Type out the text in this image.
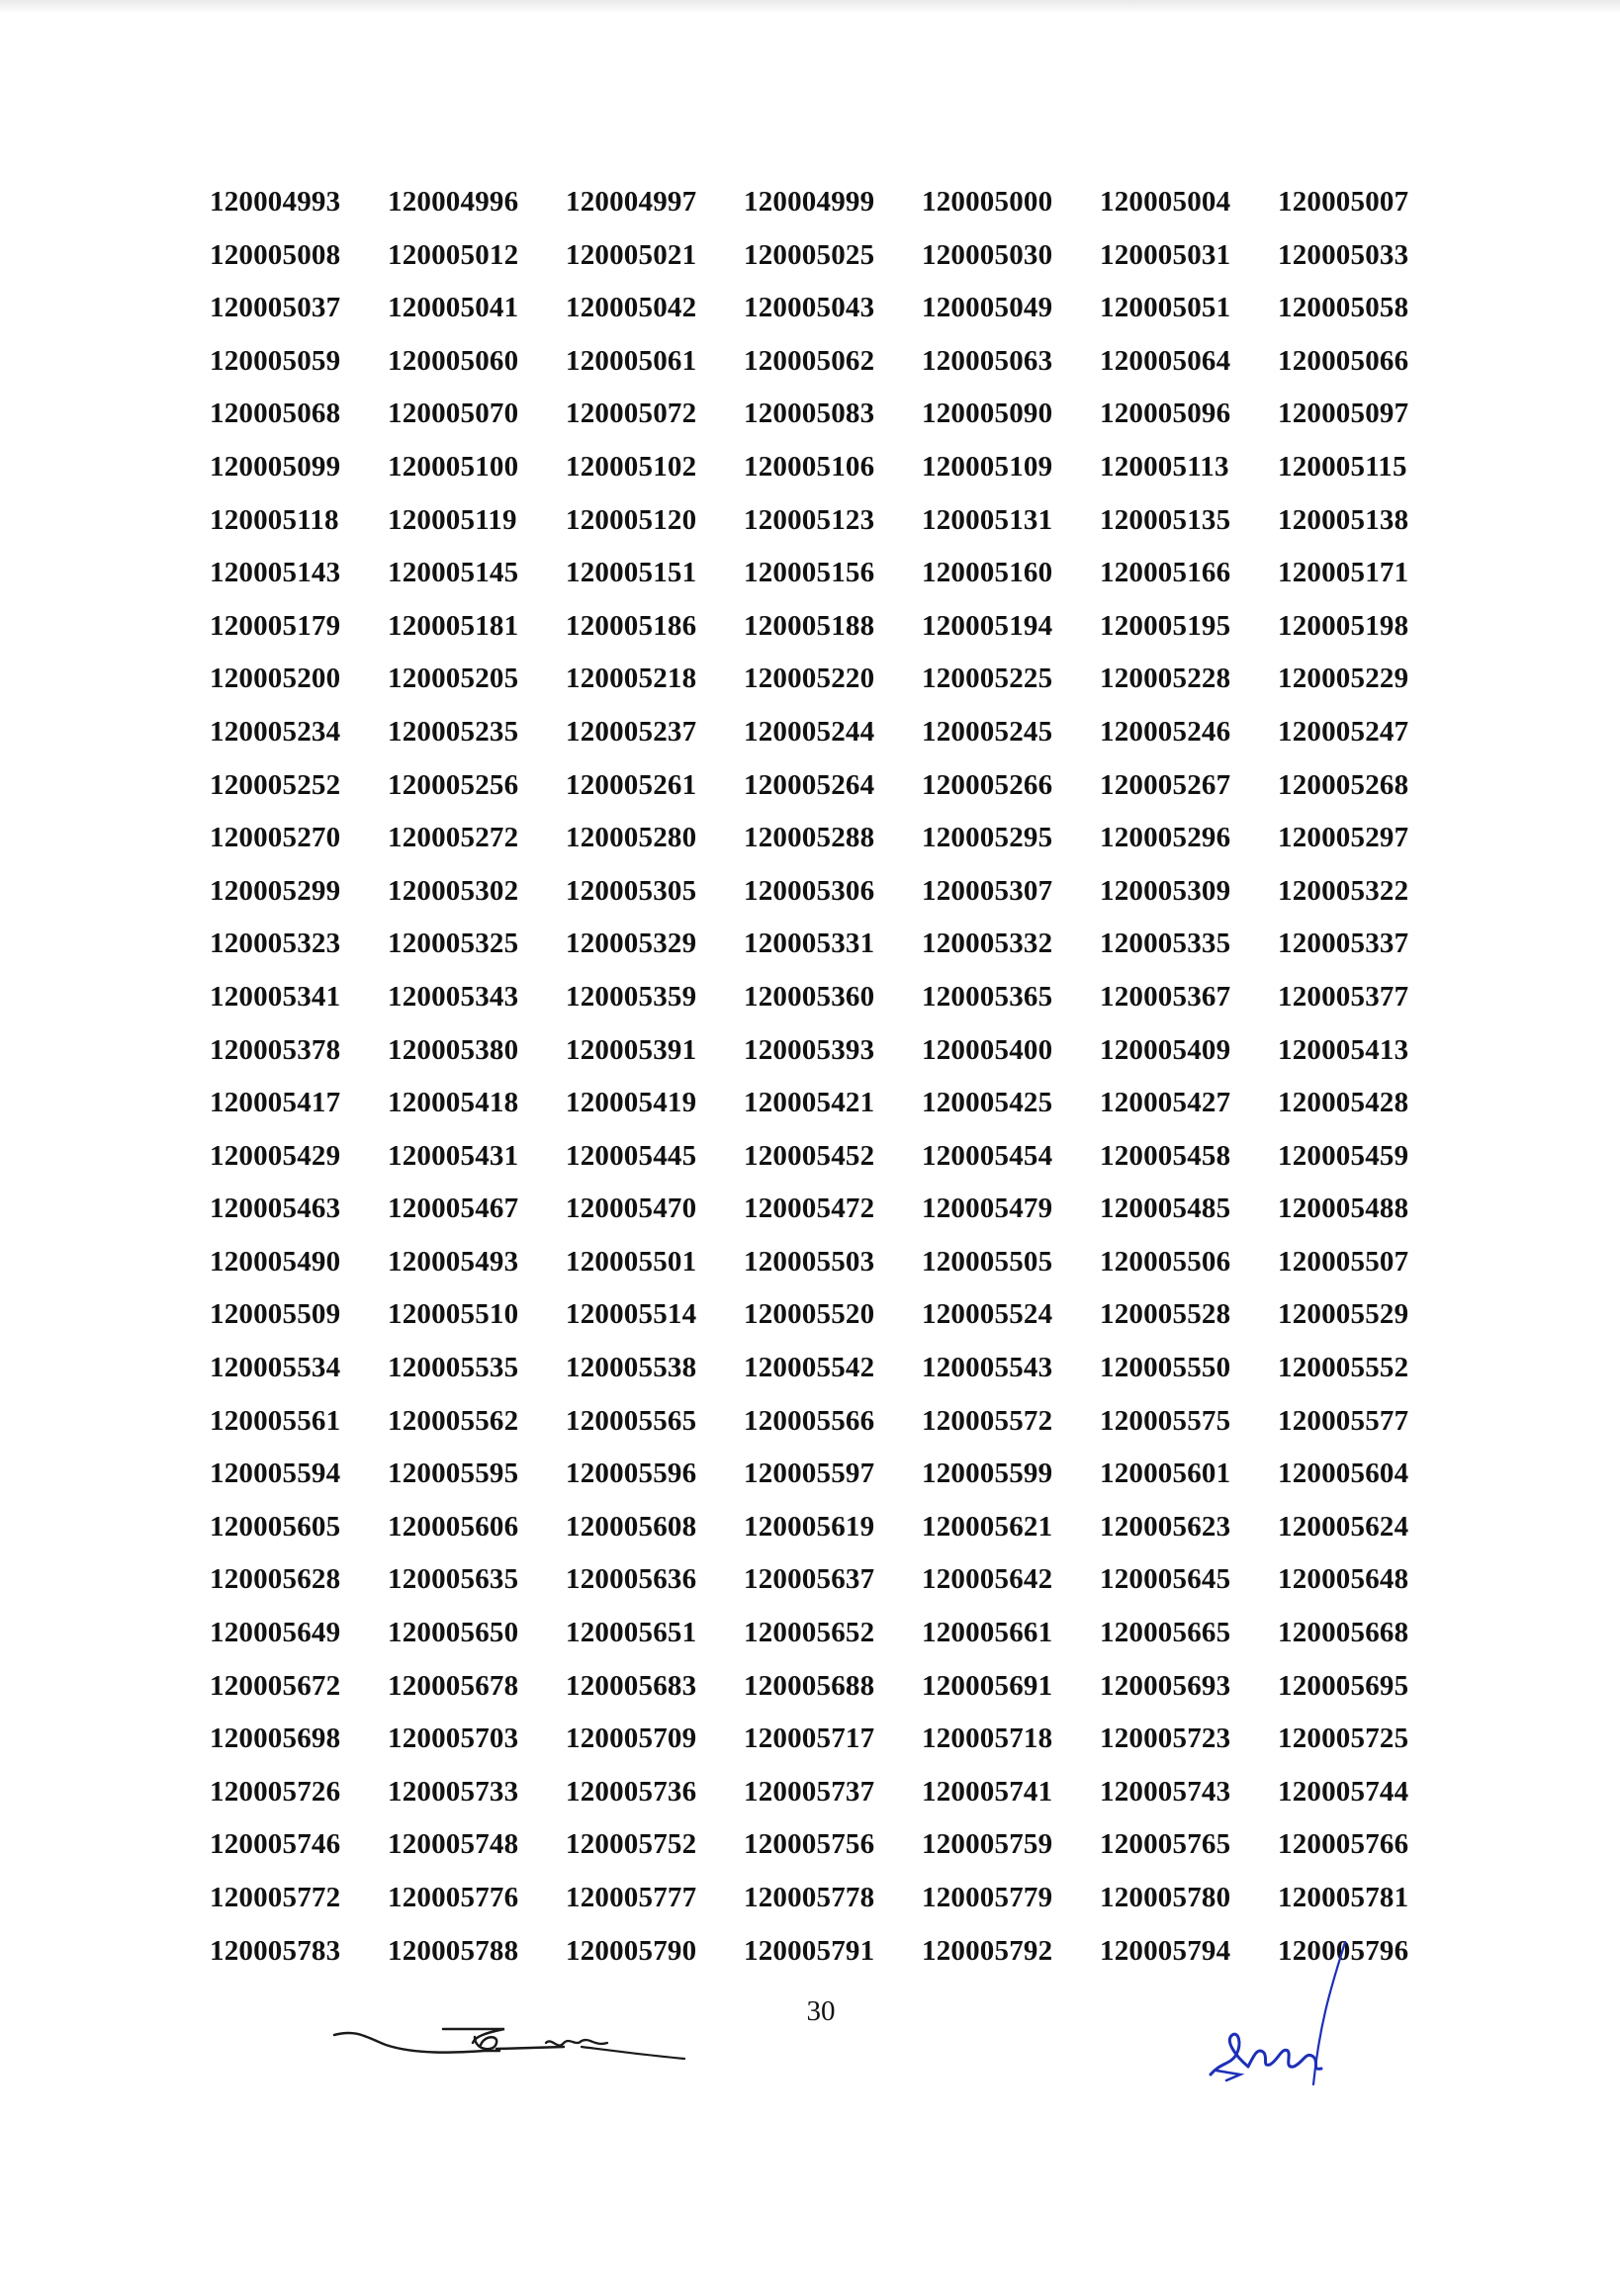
120004993	120004996	120004997	120004999	120005000	120005004	120005007
120005008	120005012	120005021	120005025	120005030	120005031	120005033
120005037	120005041	120005042	120005043	120005049	120005051	120005058
120005059	120005060	120005061	120005062	120005063	120005064	120005066
120005068	120005070	120005072	120005083	120005090	120005096	120005097
120005099	120005100	120005102	120005106	120005109	120005113	120005115
120005118	120005119	120005120	120005123	120005131	120005135	120005138
120005143	120005145	120005151	120005156	120005160	120005166	120005171
120005179	120005181	120005186	120005188	120005194	120005195	120005198
120005200	120005205	120005218	120005220	120005225	120005228	120005229
120005234	120005235	120005237	120005244	120005245	120005246	120005247
120005252	120005256	120005261	120005264	120005266	120005267	120005268
120005270	120005272	120005280	120005288	120005295	120005296	120005297
120005299	120005302	120005305	120005306	120005307	120005309	120005322
120005323	120005325	120005329	120005331	120005332	120005335	120005337
120005341	120005343	120005359	120005360	120005365	120005367	120005377
120005378	120005380	120005391	120005393	120005400	120005409	120005413
120005417	120005418	120005419	120005421	120005425	120005427	120005428
120005429	120005431	120005445	120005452	120005454	120005458	120005459
120005463	120005467	120005470	120005472	120005479	120005485	120005488
120005490	120005493	120005501	120005503	120005505	120005506	120005507
120005509	120005510	120005514	120005520	120005524	120005528	120005529
120005534	120005535	120005538	120005542	120005543	120005550	120005552
120005561	120005562	120005565	120005566	120005572	120005575	120005577
120005594	120005595	120005596	120005597	120005599	120005601	120005604
120005605	120005606	120005608	120005619	120005621	120005623	120005624
120005628	120005635	120005636	120005637	120005642	120005645	120005648
120005649	120005650	120005651	120005652	120005661	120005665	120005668
120005672	120005678	120005683	120005688	120005691	120005693	120005695
120005698	120005703	120005709	120005717	120005718	120005723	120005725
120005726	120005733	120005736	120005737	120005741	120005743	120005744
120005746	120005748	120005752	120005756	120005759	120005765	120005766
120005772	120005776	120005777	120005778	120005779	120005780	120005781
120005783	120005788	120005790	120005791	120005792	120005794	120005796
30
